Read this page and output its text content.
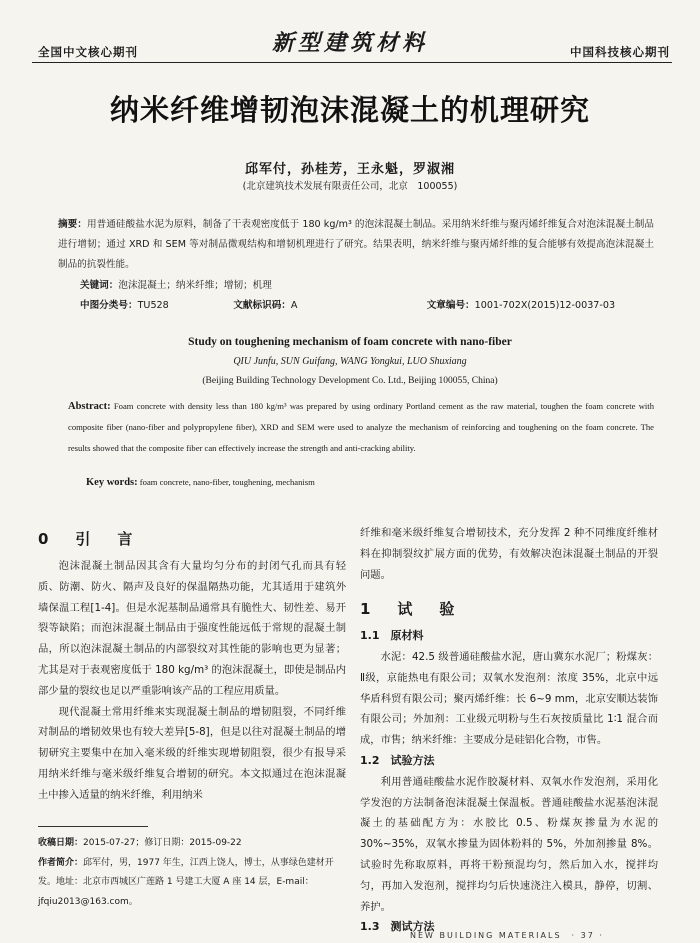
全国中文核心期刊	新型建筑材料	中国科技核心期刊
纳米纤维增韧泡沫混凝土的机理研究
邱军付，孙桂芳，王永魁，罗淑湘
(北京建筑技术发展有限责任公司，北京　100055)
摘要：用普通硅酸盐水泥为原料，制备了干表观密度低于 180 kg/m³ 的泡沫混凝土制品。采用纳米纤维与聚丙烯纤维复合对泡沫混凝土制品进行增韧；通过 XRD 和 SEM 等对制品微观结构和增韧机理进行了研究。结果表明，纳米纤维与聚丙烯纤维的复合能够有效提高泡沫混凝土制品的抗裂性能。
关键词：泡沫混凝土；纳米纤维；增韧；机理
中图分类号：TU528	文献标识码：A	文章编号：1001-702X(2015)12-0037-03
Study on toughening mechanism of foam concrete with nano-fiber
QIU Junfu, SUN Guifang, WANG Yongkui, LUO Shuxiang
(Beijing Building Technology Development Co. Ltd., Beijing 100055, China)
Abstract: Foam concrete with density less than 180 kg/m³ was prepared by using ordinary Portland cement as the raw material, toughen the foam concrete with composite fiber (nano-fiber and polypropylene fiber), XRD and SEM were used to analyze the mechanism of reinforcing and toughening on the foam concrete. The results showed that the composite fiber can effectively increase the strength and anti-cracking ability.
Key words: foam concrete, nano-fiber, toughening, mechanism
0　引　言

泡沫混凝土制品因其含有大量均匀分布的封闭气孔而具有轻质、防潮、防火、隔声及良好的保温隔热功能，尤其适用于建筑外墙保温工程[1-4]。但是水泥基制品通常具有脆性大、韧性差、易开裂等缺陷；而泡沫混凝土制品由于强度性能远低于常规的混凝土制品，所以泡沫混凝土制品的内部裂纹对其性能的影响也更为显著；尤其是对于表观密度低于 180 kg/m³ 的泡沫混凝土，即使是制品内部少量的裂纹也足以严重影响该产品的工程应用质量。

现代混凝土常用纤维来实现混凝土制品的增韧阻裂，不同纤维对制品的增韧效果也有较大差异[5-8]，但是以往对混凝土制品的增韧研究主要集中在加入毫米级的纤维实现增韧阻裂，很少有报导采用纳米纤维与毫米级纤维复合增韧的研究。本文拟通过在泡沫混凝土中掺入适量的纳米纤维，利用纳米

纤维和毫米级纤维复合增韧技术，充分发挥 2 种不同维度纤维材料在抑制裂纹扩展方面的优势，有效解决泡沫混凝土制品的开裂问题。

1　试　验
1.1　原材料

水泥：42.5 级普通硅酸盐水泥，唐山冀东水泥厂；粉煤灰：Ⅱ级，京能热电有限公司；双氧水发泡剂：浓度 35%，北京中远华盾科贸有限公司；聚丙烯纤维：长 6~9 mm，北京安顺达装饰有限公司；外加剂：工业级元明粉与生石灰按质量比 1∶1 混合而成，市售；纳米纤维：主要成分是硅铝化合物，市售。

1.2　试验方法

利用普通硅酸盐水泥作胶凝材料、双氧水作发泡剂，采用化学发泡的方法制备泡沫混凝土保温板。普通硅酸盐水泥基泡沫混凝土的基础配方为：水胶比 0.5、粉煤灰掺量为水泥的 30%~35%，双氧水掺量为固体粉料的 5%，外加剂掺量 8%。试验时先称取原料，再将干粉预混均匀，然后加入水，搅拌均匀，再加入发泡剂，搅拌均匀后快速浇注入模具，静停，切割、养护。

1.3　测试方法
收稿日期：2015-07-27；修订日期：2015-09-22
作者简介：邱军付，男，1977 年生，江西上饶人，博士，从事绿色建材开发。地址：北京市西城区广莲路 1 号建工大厦 A 座 14 层，E-mail：jfqiu2013@163.com。
NEW BUILDING MATERIALS　· 37 ·
